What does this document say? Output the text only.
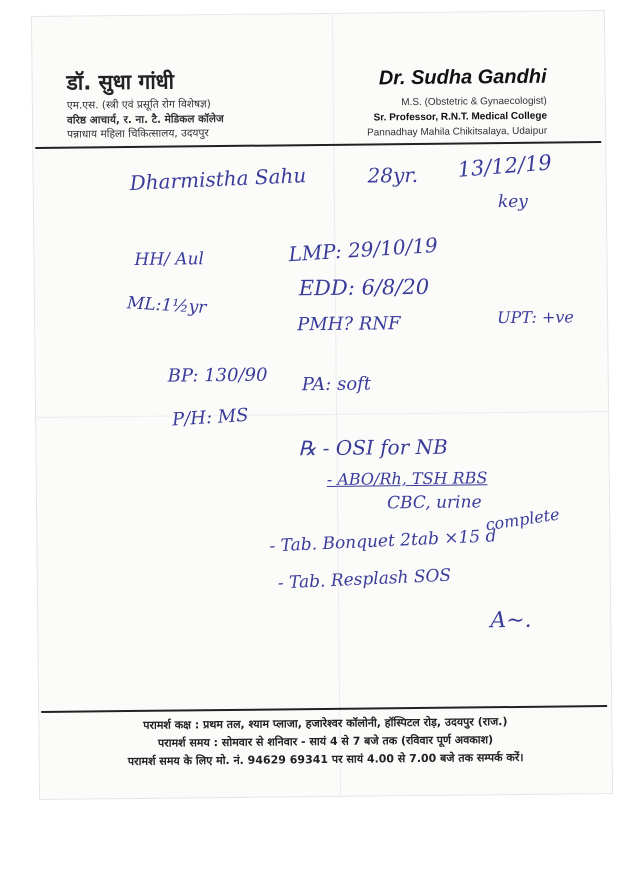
डॉ. सुधा गांधी
एम.एस. (स्त्री एवं प्रसूति रोग विशेषज्ञ)
वरिष्ठ आचार्य, र. ना. टै. मेडिकल कॉलेज
पन्नाधाय महिला चिकित्सालय, उदयपुर
Dr. Sudha Gandhi
M.S. (Obstetric & Gynaecologist)
Sr. Professor, R.N.T. Medical College
Pannadhay Mahila Chikitsalaya, Udaipur
Dharmistha Sahu	28yr. 13/12/19
key
HH/ Aul
ML:1½yr
BP: 130/90
P/H: MS
LMP: 29/10/19
EDD: 6/8/20
PMH? RNF	UPT: +ve
PA: soft
℞ - OSI for NB
- ABO/Rh, TSH RBS
CBC, urine
complete
- Tab. Bonquet 2tab ×15 d
- Tab. Resplash SOS
A~.
परामर्श कक्ष : प्रथम तल, श्याम प्लाजा, हजारेश्वर कॉलोनी, हॉस्पिटल रोड़, उदयपुर (राज.)
परामर्श समय : सोमवार से शनिवार - सायं 4 से 7 बजे तक (रविवार पूर्ण अवकाश)
परामर्श समय के लिए मो. नं. 94629 69341 पर सायं 4.00 से 7.00 बजे तक सम्पर्क करें।
